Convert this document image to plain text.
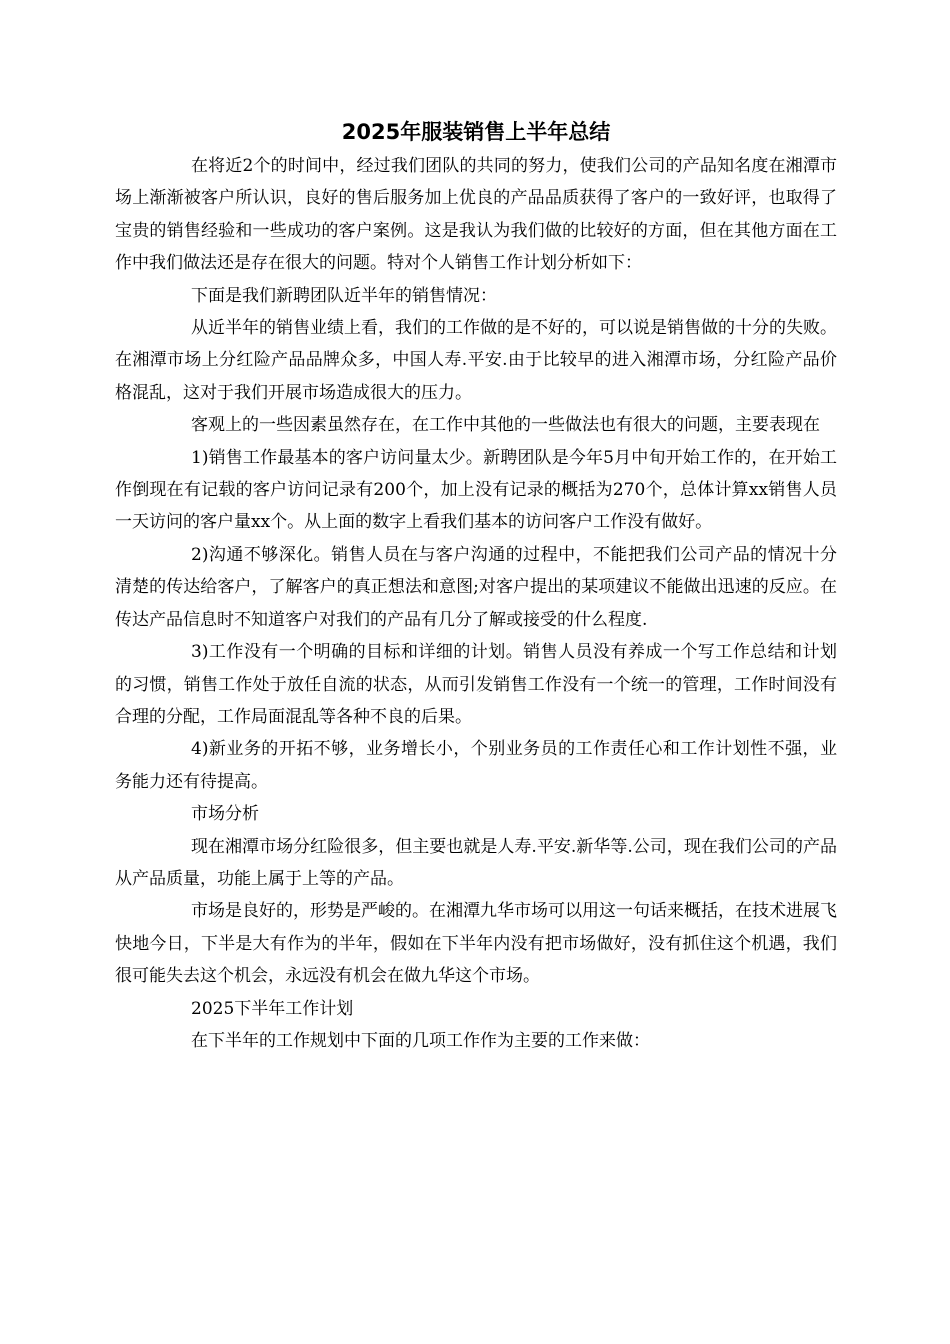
2025年服装销售上半年总结

在将近2个的时间中，经过我们团队的共同的努力，使我们公司的产品知名度在湘潭市场上渐渐被客户所认识，良好的售后服务加上优良的产品品质获得了客户的一致好评，也取得了宝贵的销售经验和一些成功的客户案例。这是我认为我们做的比较好的方面，但在其他方面在工作中我们做法还是存在很大的问题。特对个人销售工作计划分析如下：

下面是我们新聘团队近半年的销售情况：

从近半年的销售业绩上看，我们的工作做的是不好的，可以说是销售做的十分的失败。在湘潭市场上分红险产品品牌众多，中国人寿.平安.由于比较早的进入湘潭市场，分红险产品价格混乱，这对于我们开展市场造成很大的压力。

客观上的一些因素虽然存在，在工作中其他的一些做法也有很大的问题，主要表现在

1)销售工作最基本的客户访问量太少。新聘团队是今年5月中旬开始工作的，在开始工作倒现在有记载的客户访问记录有200个，加上没有记录的概括为270个，总体计算xx销售人员一天访问的客户量xx个。从上面的数字上看我们基本的访问客户工作没有做好。

2)沟通不够深化。销售人员在与客户沟通的过程中，不能把我们公司产品的情况十分清楚的传达给客户，了解客户的真正想法和意图;对客户提出的某项建议不能做出迅速的反应。在传达产品信息时不知道客户对我们的产品有几分了解或接受的什么程度.

3)工作没有一个明确的目标和详细的计划。销售人员没有养成一个写工作总结和计划的习惯，销售工作处于放任自流的状态，从而引发销售工作没有一个统一的管理，工作时间没有合理的分配，工作局面混乱等各种不良的后果。

4)新业务的开拓不够，业务增长小，个别业务员的工作责任心和工作计划性不强，业务能力还有待提高。

市场分析

现在湘潭市场分红险很多，但主要也就是人寿.平安.新华等.公司，现在我们公司的产品从产品质量，功能上属于上等的产品。

市场是良好的，形势是严峻的。在湘潭九华市场可以用这一句话来概括，在技术进展飞快地今日，下半是大有作为的半年，假如在下半年内没有把市场做好，没有抓住这个机遇，我们很可能失去这个机会，永远没有机会在做九华这个市场。

2025下半年工作计划

在下半年的工作规划中下面的几项工作作为主要的工作来做：
